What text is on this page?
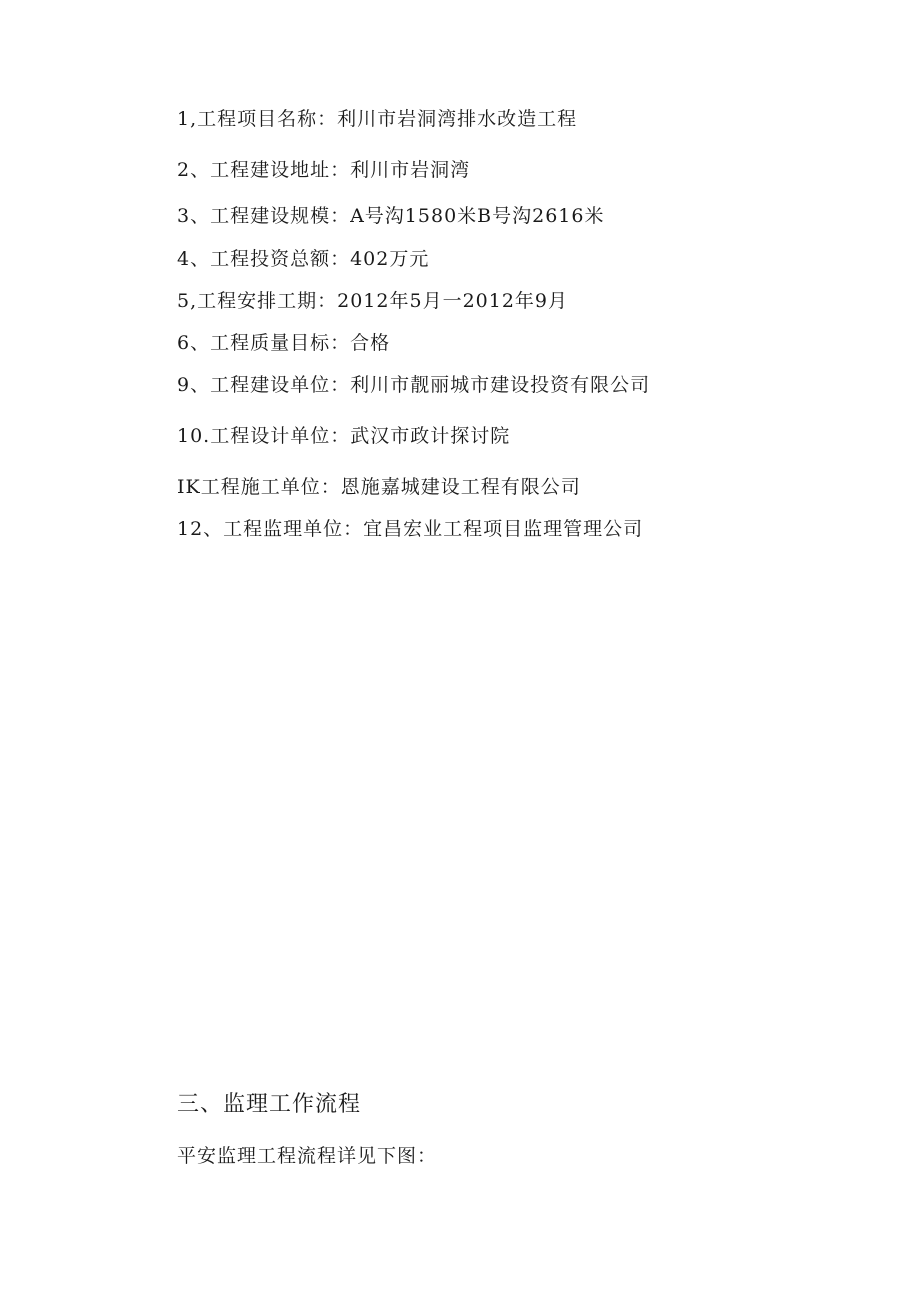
1,工程项目名称：利川市岩洞湾排水改造工程
2、工程建设地址：利川市岩洞湾
3、工程建设规模：A号沟1580米B号沟2616米
4、工程投资总额：402万元
5,工程安排工期：2012年5月一2012年9月
6、工程质量目标：合格
9、工程建设单位：利川市靓丽城市建设投资有限公司
10.工程设计单位：武汉市政计探讨院
IK工程施工单位：恩施嘉城建设工程有限公司
12、工程监理单位：宜昌宏业工程项目监理管理公司
三、监理工作流程
平安监理工程流程详见下图：
